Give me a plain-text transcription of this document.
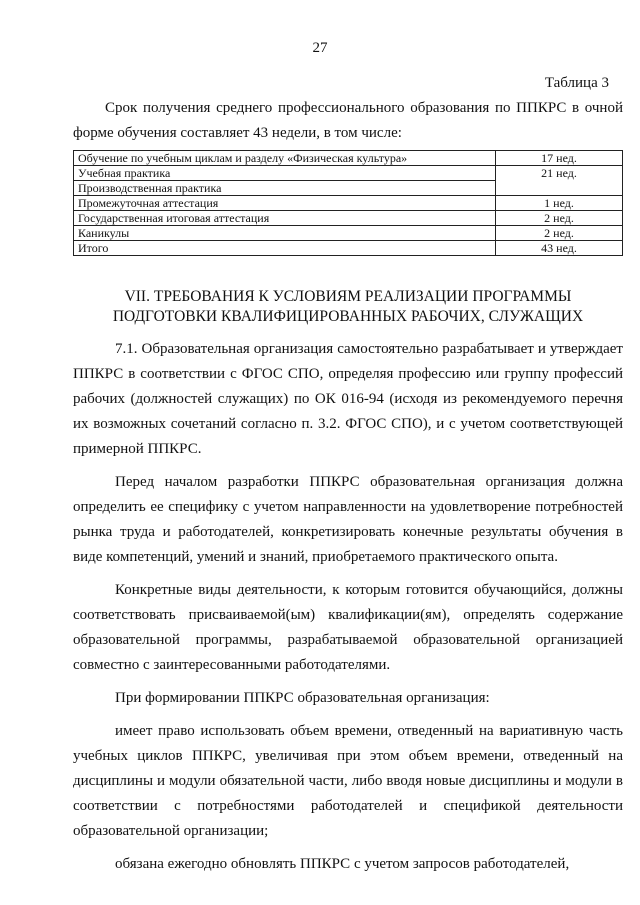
27
Таблица 3

Срок получения среднего профессионального образования по ППКРС в очной форме обучения составляет 43 недели, в том числе:

Обучение по учебным циклам и разделу «Физическая культура»	17 нед.
Учебная практика	21 нед.
Производственная практика	
Промежуточная аттестация	1 нед.
Государственная итоговая аттестация	2 нед.
Каникулы	2 нед.
Итого	43 нед.
VII. ТРЕБОВАНИЯ К УСЛОВИЯМ РЕАЛИЗАЦИИ ПРОГРАММЫ
ПОДГОТОВКИ КВАЛИФИЦИРОВАННЫХ РАБОЧИХ, СЛУЖАЩИХ

7.1. Образовательная организация самостоятельно разрабатывает и утверждает ППКРС в соответствии с ФГОС СПО, определяя профессию или группу профессий рабочих (должностей служащих) по ОК 016-94 (исходя из рекомендуемого перечня их возможных сочетаний согласно п. 3.2. ФГОС СПО), и с учетом соответствующей примерной ППКРС.

Перед началом разработки ППКРС образовательная организация должна определить ее специфику с учетом направленности на удовлетворение потребностей рынка труда и работодателей, конкретизировать конечные результаты обучения в виде компетенций, умений и знаний, приобретаемого практического опыта.

Конкретные виды деятельности, к которым готовится обучающийся, должны соответствовать присваиваемой(ым) квалификации(ям), определять содержание образовательной программы, разрабатываемой образовательной организацией совместно с заинтересованными работодателями.

При формировании ППКРС образовательная организация:

имеет право использовать объем времени, отведенный на вариативную часть учебных циклов ППКРС, увеличивая при этом объем времени, отведенный на дисциплины и модули обязательной части, либо вводя новые дисциплины и модули в соответствии с потребностями работодателей и спецификой деятельности образовательной организации;

обязана ежегодно обновлять ППКРС с учетом запросов работодателей,
